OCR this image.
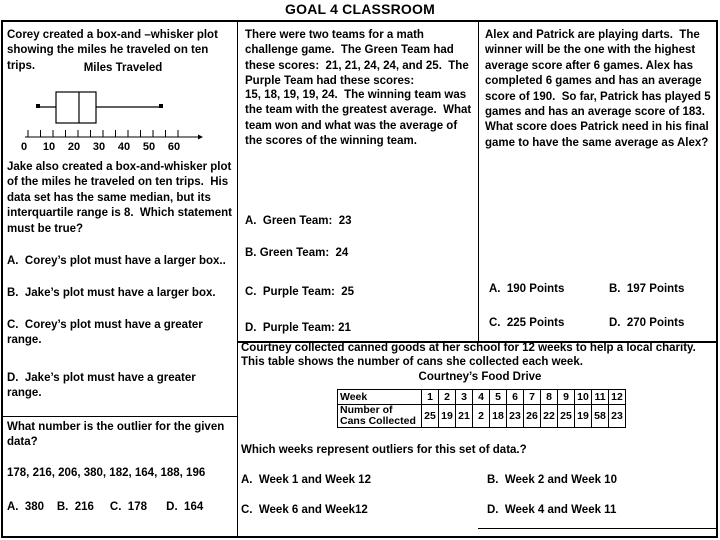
GOAL 4 CLASSROOM
Corey created a box-and –whisker plot showing the miles he traveled on ten trips.	Miles Traveled
0	10 20 30 40 50 60
Jake also created a box-and-whisker plot of the miles he traveled on ten trips.  His data set has the same median, but its interquartile range is 8.  Which statement must be true?
A.  Corey’s plot must have a larger box..
B.  Jake’s plot must have a larger box.
C.  Corey’s plot must have a greater range.
D.  Jake’s plot must have a greater range.
What number is the outlier for the given data?
178, 216, 206, 380, 182, 164, 188, 196
A.  380    B.  216     C.  178      D.  164
There were two teams for a math challenge game.  The Green Team had these scores:  21, 21, 24, 24, and 25.  The Purple Team had these scores:
15, 18, 19, 19, 24.  The winning team was the team with the greatest average.  What team won and what was the average of the scores of the winning team.
A.  Green Team:  23
B. Green Team:  24
C.  Purple Team:  25
D.  Purple Team: 21
Alex and Patrick are playing darts.  The winner will be the one with the highest average score after 6 games. Alex has completed 6 games and has an average score of 190.  So far, Patrick has played 5 games and has an average score of 183.  What score does Patrick need in his final game to have the same average as Alex?
A.  190 Points	B.  197 Points
C.  225 Points	D.  270 Points
Courtney collected canned goods at her school for 12 weeks to help a local charity.
This table shows the number of cans she collected each week.
Courtney’s Food Drive
Week	1	2	3	4	5	6	7	8	9	10	11	12

Number of
Cans Collected	25	19	21	2	18	23	26	22	25	19	58	23
Which weeks represent outliers for this set of data.?
A.  Week 1 and Week 12	B.  Week 2 and Week 10
C.  Week 6 and Week12	D.  Week 4 and Week 11
